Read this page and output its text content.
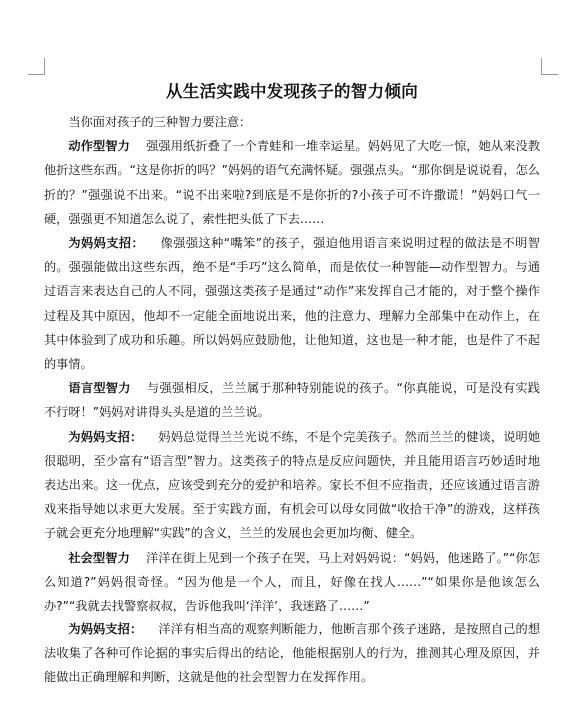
从生活实践中发现孩子的智力倾向

当你面对孩子的三种智力要注意：

动作型智力 强强用纸折叠了一个青蛙和一堆幸运星。妈妈见了大吃一惊，她从来没教他折这些东西。“这是你折的吗？”妈妈的语气充满怀疑。强强点头。“那你倒是说说看，怎么折的？”强强说不出来。“说不出来啦?到底是不是你折的?小孩子可不许撒谎！”妈妈口气一硬，强强更不知道怎么说了，索性把头低了下去……

为妈妈支招： 像强强这种“嘴笨”的孩子，强迫他用语言来说明过程的做法是不明智的。强强能做出这些东西，绝不是“手巧”这么简单，而是依仗一种智能—动作型智力。与通过语言来表达自己的人不同，强强这类孩子是通过“动作”来发挥自己才能的，对于整个操作过程及其中原因，他却不一定能全面地说出来，他的注意力、理解力全部集中在动作上，在其中体验到了成功和乐趣。所以妈妈应鼓励他，让他知道，这也是一种才能，也是件了不起的事情。

语言型智力 与强强相反，兰兰属于那种特别能说的孩子。“你真能说，可是没有实践不行呀！”妈妈对讲得头头是道的兰兰说。

为妈妈支招： 妈妈总觉得兰兰光说不练，不是个完美孩子。然而兰兰的健谈，说明她很聪明，至少富有“语言型”智力。这类孩子的特点是反应问题快，并且能用语言巧妙适时地表达出来。这一优点，应该受到充分的爱护和培养。家长不但不应指责，还应该通过语言游戏来指导她以求更大发展。至于实践方面，有机会可以母女同做“收拾干净”的游戏，这样孩子就会更充分地理解“实践”的含义，兰兰的发展也会更加均衡、健全。

社会型智力 洋洋在街上见到一个孩子在哭，马上对妈妈说：“妈妈，他迷路了。”“你怎么知道?”妈妈很奇怪。“因为他是一个人，而且，好像在找人……”“如果你是他该怎么办?”“我就去找警察叔叔，告诉他我叫‘洋洋’，我迷路了……”

为妈妈支招： 洋洋有相当高的观察判断能力，他断言那个孩子迷路，是按照自己的想法收集了各种可作论据的事实后得出的结论，他能根据别人的行为，推测其心理及原因，并能做出正确理解和判断，这就是他的社会型智力在发挥作用。
